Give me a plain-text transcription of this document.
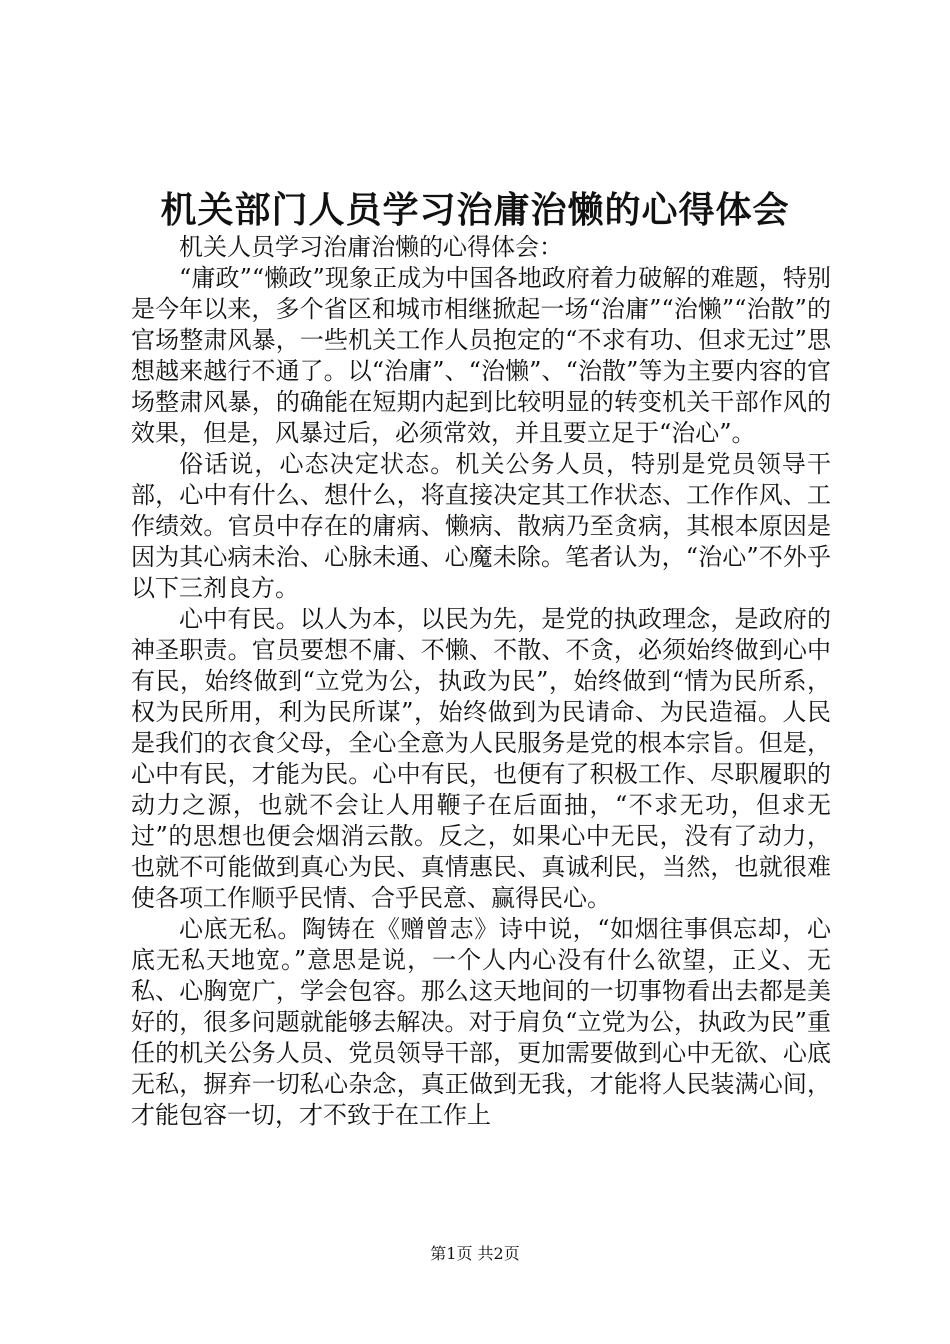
机关部门人员学习治庸治懒的心得体会

机关人员学习治庸治懒的心得体会：

“庸政”“懒政”现象正成为中国各地政府着力破解的难题，特别是今年以来，多个省区和城市相继掀起一场“治庸”“治懒”“治散”的官场整肃风暴，一些机关工作人员抱定的“不求有功、但求无过”思想越来越行不通了。以“治庸”、“治懒”、“治散”等为主要内容的官场整肃风暴，的确能在短期内起到比较明显的转变机关干部作风的效果，但是，风暴过后，必须常效，并且要立足于“治心”。

俗话说，心态决定状态。机关公务人员，特别是党员领导干部，心中有什么、想什么，将直接决定其工作状态、工作作风、工作绩效。官员中存在的庸病、懒病、散病乃至贪病，其根本原因是因为其心病未治、心脉未通、心魔未除。笔者认为，“治心”不外乎以下三剂良方。

心中有民。以人为本，以民为先，是党的执政理念，是政府的神圣职责。官员要想不庸、不懒、不散、不贪，必须始终做到心中有民，始终做到“立党为公，执政为民”，始终做到“情为民所系，权为民所用，利为民所谋”，始终做到为民请命、为民造福。人民是我们的衣食父母，全心全意为人民服务是党的根本宗旨。但是，心中有民，才能为民。心中有民，也便有了积极工作、尽职履职的动力之源，也就不会让人用鞭子在后面抽，“不求无功，但求无过”的思想也便会烟消云散。反之，如果心中无民，没有了动力，也就不可能做到真心为民、真情惠民、真诚利民，当然，也就很难使各项工作顺乎民情、合乎民意、赢得民心。

心底无私。陶铸在《赠曾志》诗中说，“如烟往事俱忘却，心底无私天地宽。”意思是说，一个人内心没有什么欲望，正义、无私、心胸宽广，学会包容。那么这天地间的一切事物看出去都是美好的，很多问题就能够去解决。对于肩负“立党为公，执政为民”重任的机关公务人员、党员领导干部，更加需要做到心中无欲、心底无私，摒弃一切私心杂念，真正做到无我，才能将人民装满心间，才能包容一切，才不致于在工作上

第1页 共2页
